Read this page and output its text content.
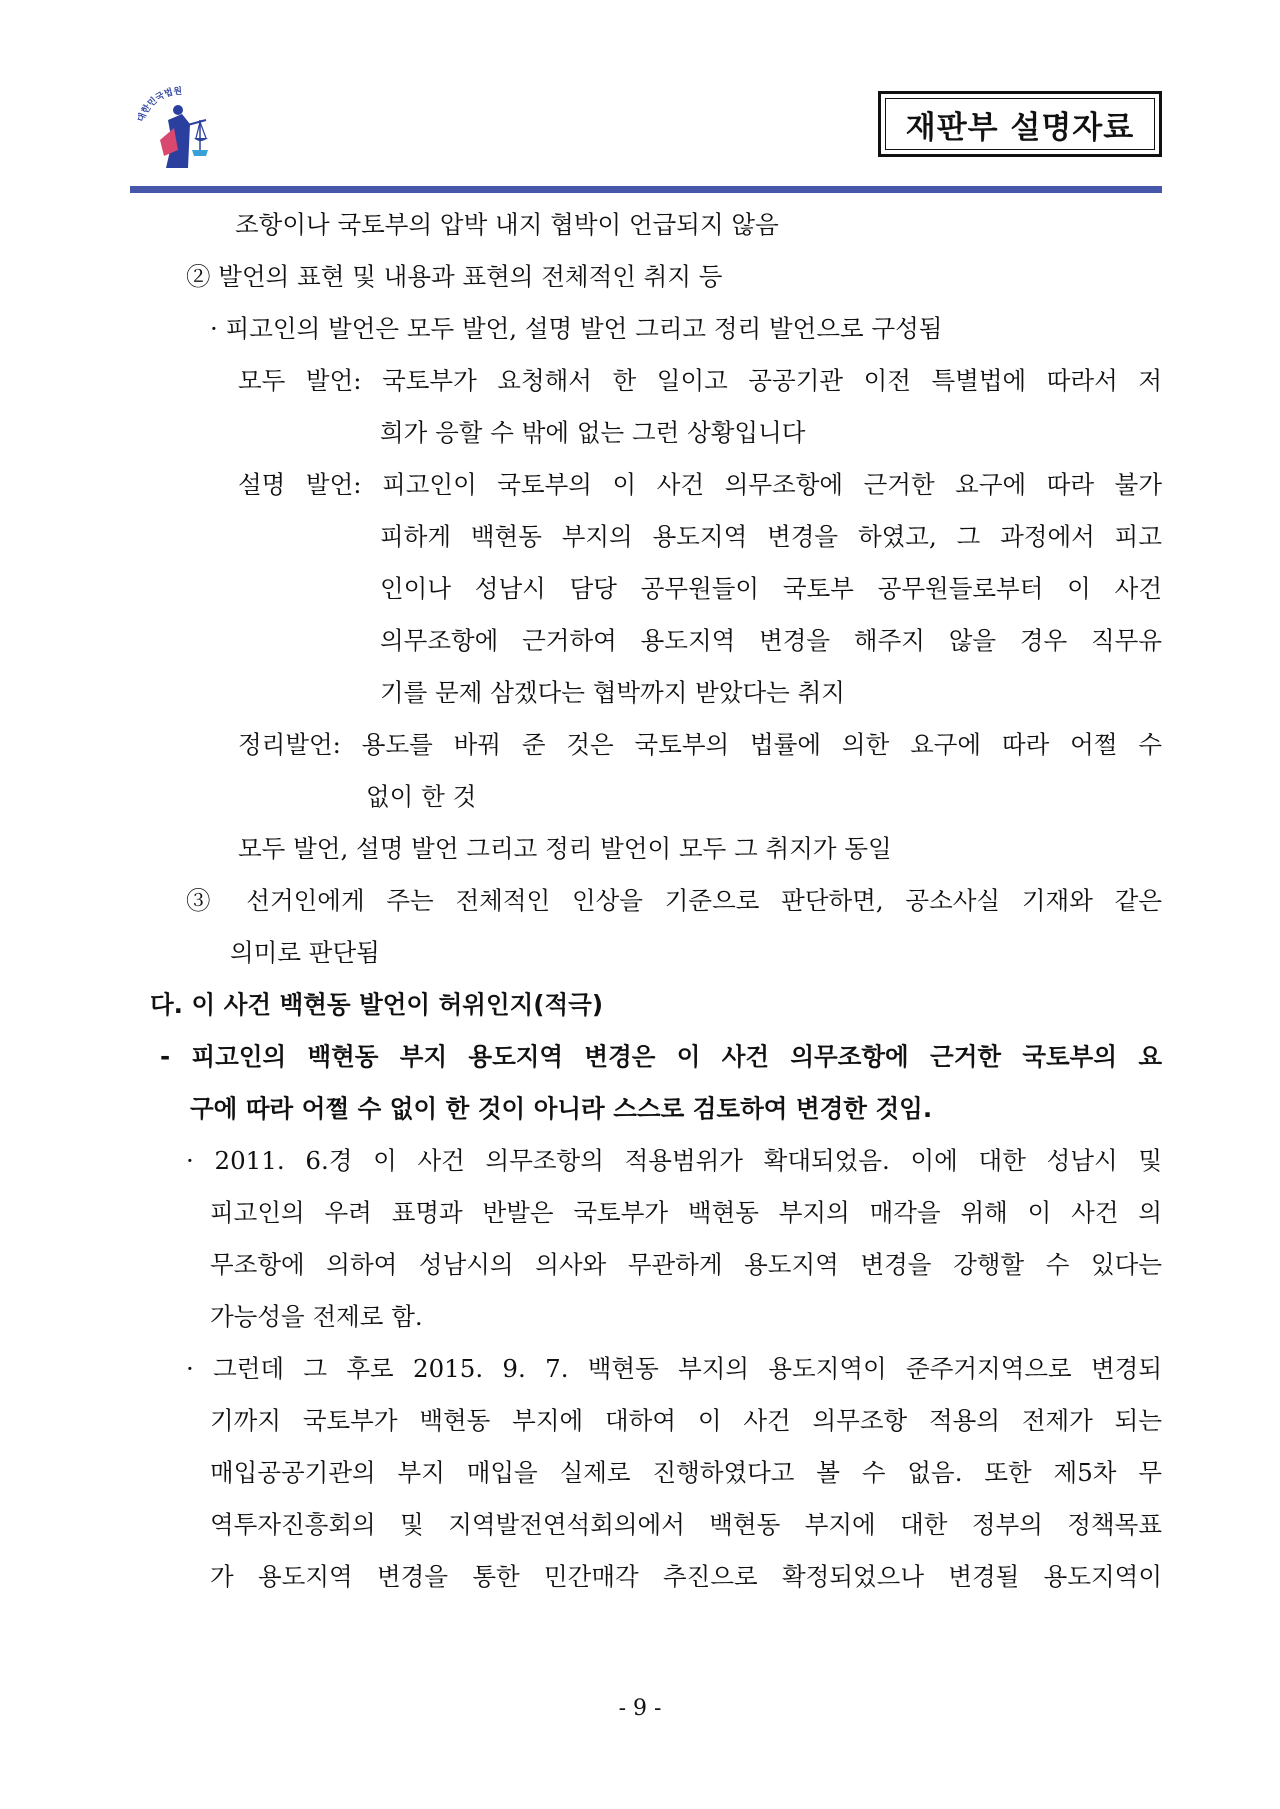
대한민국법원
재판부 설명자료
조항이나 국토부의 압박 내지 협박이 언급되지 않음
② 발언의 표현 및 내용과 표현의 전체적인 취지 등
· 피고인의 발언은 모두 발언, 설명 발언 그리고 정리 발언으로 구성됨
모두 발언: 국토부가 요청해서 한 일이고 공공기관 이전 특별법에 따라서 저
희가 응할 수 밖에 없는 그런 상황입니다
설명 발언: 피고인이 국토부의 이 사건 의무조항에 근거한 요구에 따라 불가
피하게 백현동 부지의 용도지역 변경을 하였고, 그 과정에서 피고
인이나 성남시 담당 공무원들이 국토부 공무원들로부터 이 사건
의무조항에 근거하여 용도지역 변경을 해주지 않을 경우 직무유
기를 문제 삼겠다는 협박까지 받았다는 취지
정리발언: 용도를 바꿔 준 것은 국토부의 법률에 의한 요구에 따라 어쩔 수
없이 한 것
모두 발언, 설명 발언 그리고 정리 발언이 모두 그 취지가 동일
③ 선거인에게 주는 전체적인 인상을 기준으로 판단하면, 공소사실 기재와 같은
의미로 판단됨
다. 이 사건 백현동 발언이 허위인지(적극)
- 피고인의 백현동 부지 용도지역 변경은 이 사건 의무조항에 근거한 국토부의 요
구에 따라 어쩔 수 없이 한 것이 아니라 스스로 검토하여 변경한 것임.
· 2011. 6.경 이 사건 의무조항의 적용범위가 확대되었음. 이에 대한 성남시 및
피고인의 우려 표명과 반발은 국토부가 백현동 부지의 매각을 위해 이 사건 의
무조항에 의하여 성남시의 의사와 무관하게 용도지역 변경을 강행할 수 있다는
가능성을 전제로 함.
· 그런데 그 후로 2015. 9. 7. 백현동 부지의 용도지역이 준주거지역으로 변경되
기까지 국토부가 백현동 부지에 대하여 이 사건 의무조항 적용의 전제가 되는
매입공공기관의 부지 매입을 실제로 진행하였다고 볼 수 없음. 또한 제5차 무
역투자진흥회의 및 지역발전연석회의에서 백현동 부지에 대한 정부의 정책목표
가 용도지역 변경을 통한 민간매각 추진으로 확정되었으나 변경될 용도지역이
- 9 -
